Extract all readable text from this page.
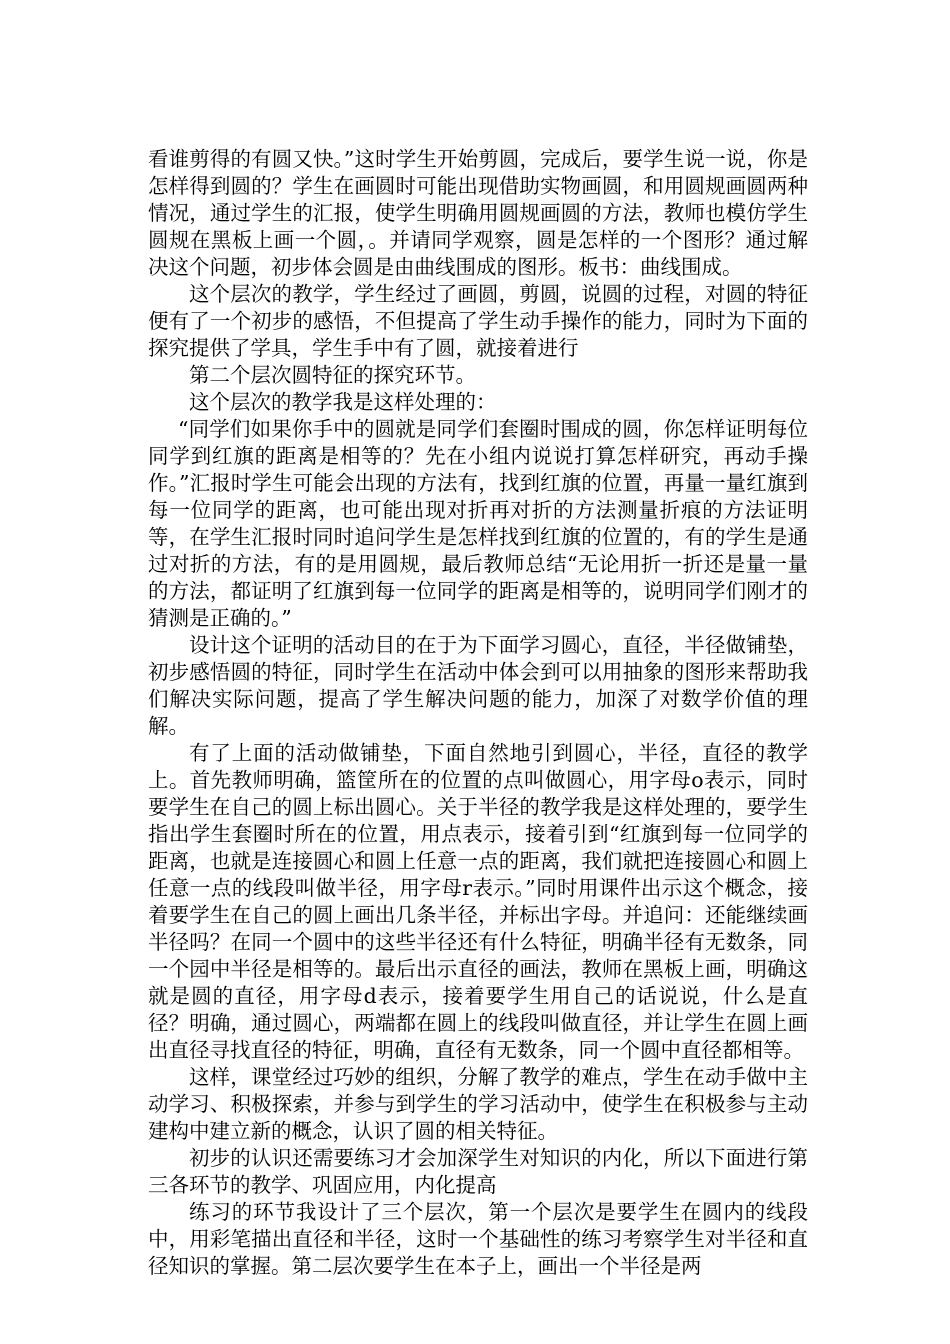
看谁剪得的有圆又快。”这时学生开始剪圆，完成后，要学生说一说，你是怎样得到圆的？学生在画圆时可能出现借助实物画圆，和用圆规画圆两种情况，通过学生的汇报，使学生明确用圆规画圆的方法，教师也模仿学生圆规在黑板上画一个圆，。并请同学观察，圆是怎样的一个图形？通过解决这个问题，初步体会圆是由曲线围成的图形。板书：曲线围成。

这个层次的教学，学生经过了画圆，剪圆，说圆的过程，对圆的特征便有了一个初步的感悟，不但提高了学生动手操作的能力，同时为下面的探究提供了学具，学生手中有了圆，就接着进行

第二个层次圆特征的探究环节。

这个层次的教学我是这样处理的：

“同学们如果你手中的圆就是同学们套圈时围成的圆，你怎样证明每位同学到红旗的距离是相等的？先在小组内说说打算怎样研究，再动手操作。”汇报时学生可能会出现的方法有，找到红旗的位置，再量一量红旗到每一位同学的距离，也可能出现对折再对折的方法测量折痕的方法证明等，在学生汇报时同时追问学生是怎样找到红旗的位置的，有的学生是通过对折的方法，有的是用圆规，最后教师总结“无论用折一折还是量一量的方法，都证明了红旗到每一位同学的距离是相等的，说明同学们刚才的猜测是正确的。”

设计这个证明的活动目的在于为下面学习圆心，直径，半径做铺垫，初步感悟圆的特征，同时学生在活动中体会到可以用抽象的图形来帮助我们解决实际问题，提高了学生解决问题的能力，加深了对数学价值的理解。

有了上面的活动做铺垫，下面自然地引到圆心，半径，直径的教学上。首先教师明确，篮筐所在的位置的点叫做圆心，用字母o表示，同时要学生在自己的圆上标出圆心。关于半径的教学我是这样处理的，要学生指出学生套圈时所在的位置，用点表示，接着引到“红旗到每一位同学的距离，也就是连接圆心和圆上任意一点的距离，我们就把连接圆心和圆上任意一点的线段叫做半径，用字母r表示。”同时用课件出示这个概念，接着要学生在自己的圆上画出几条半径，并标出字母。并追问：还能继续画半径吗？在同一个圆中的这些半径还有什么特征，明确半径有无数条，同一个园中半径是相等的。最后出示直径的画法，教师在黑板上画，明确这就是圆的直径，用字母d表示，接着要学生用自己的话说说，什么是直径？明确，通过圆心，两端都在圆上的线段叫做直径，并让学生在圆上画出直径寻找直径的特征，明确，直径有无数条，同一个圆中直径都相等。

这样，课堂经过巧妙的组织，分解了教学的难点，学生在动手做中主动学习、积极探索，并参与到学生的学习活动中，使学生在积极参与主动建构中建立新的概念，认识了圆的相关特征。

初步的认识还需要练习才会加深学生对知识的内化，所以下面进行第三各环节的教学、巩固应用，内化提高

练习的环节我设计了三个层次，第一个层次是要学生在圆内的线段中，用彩笔描出直径和半径，这时一个基础性的练习考察学生对半径和直径知识的掌握。第二层次要学生在本子上，画出一个半径是两
